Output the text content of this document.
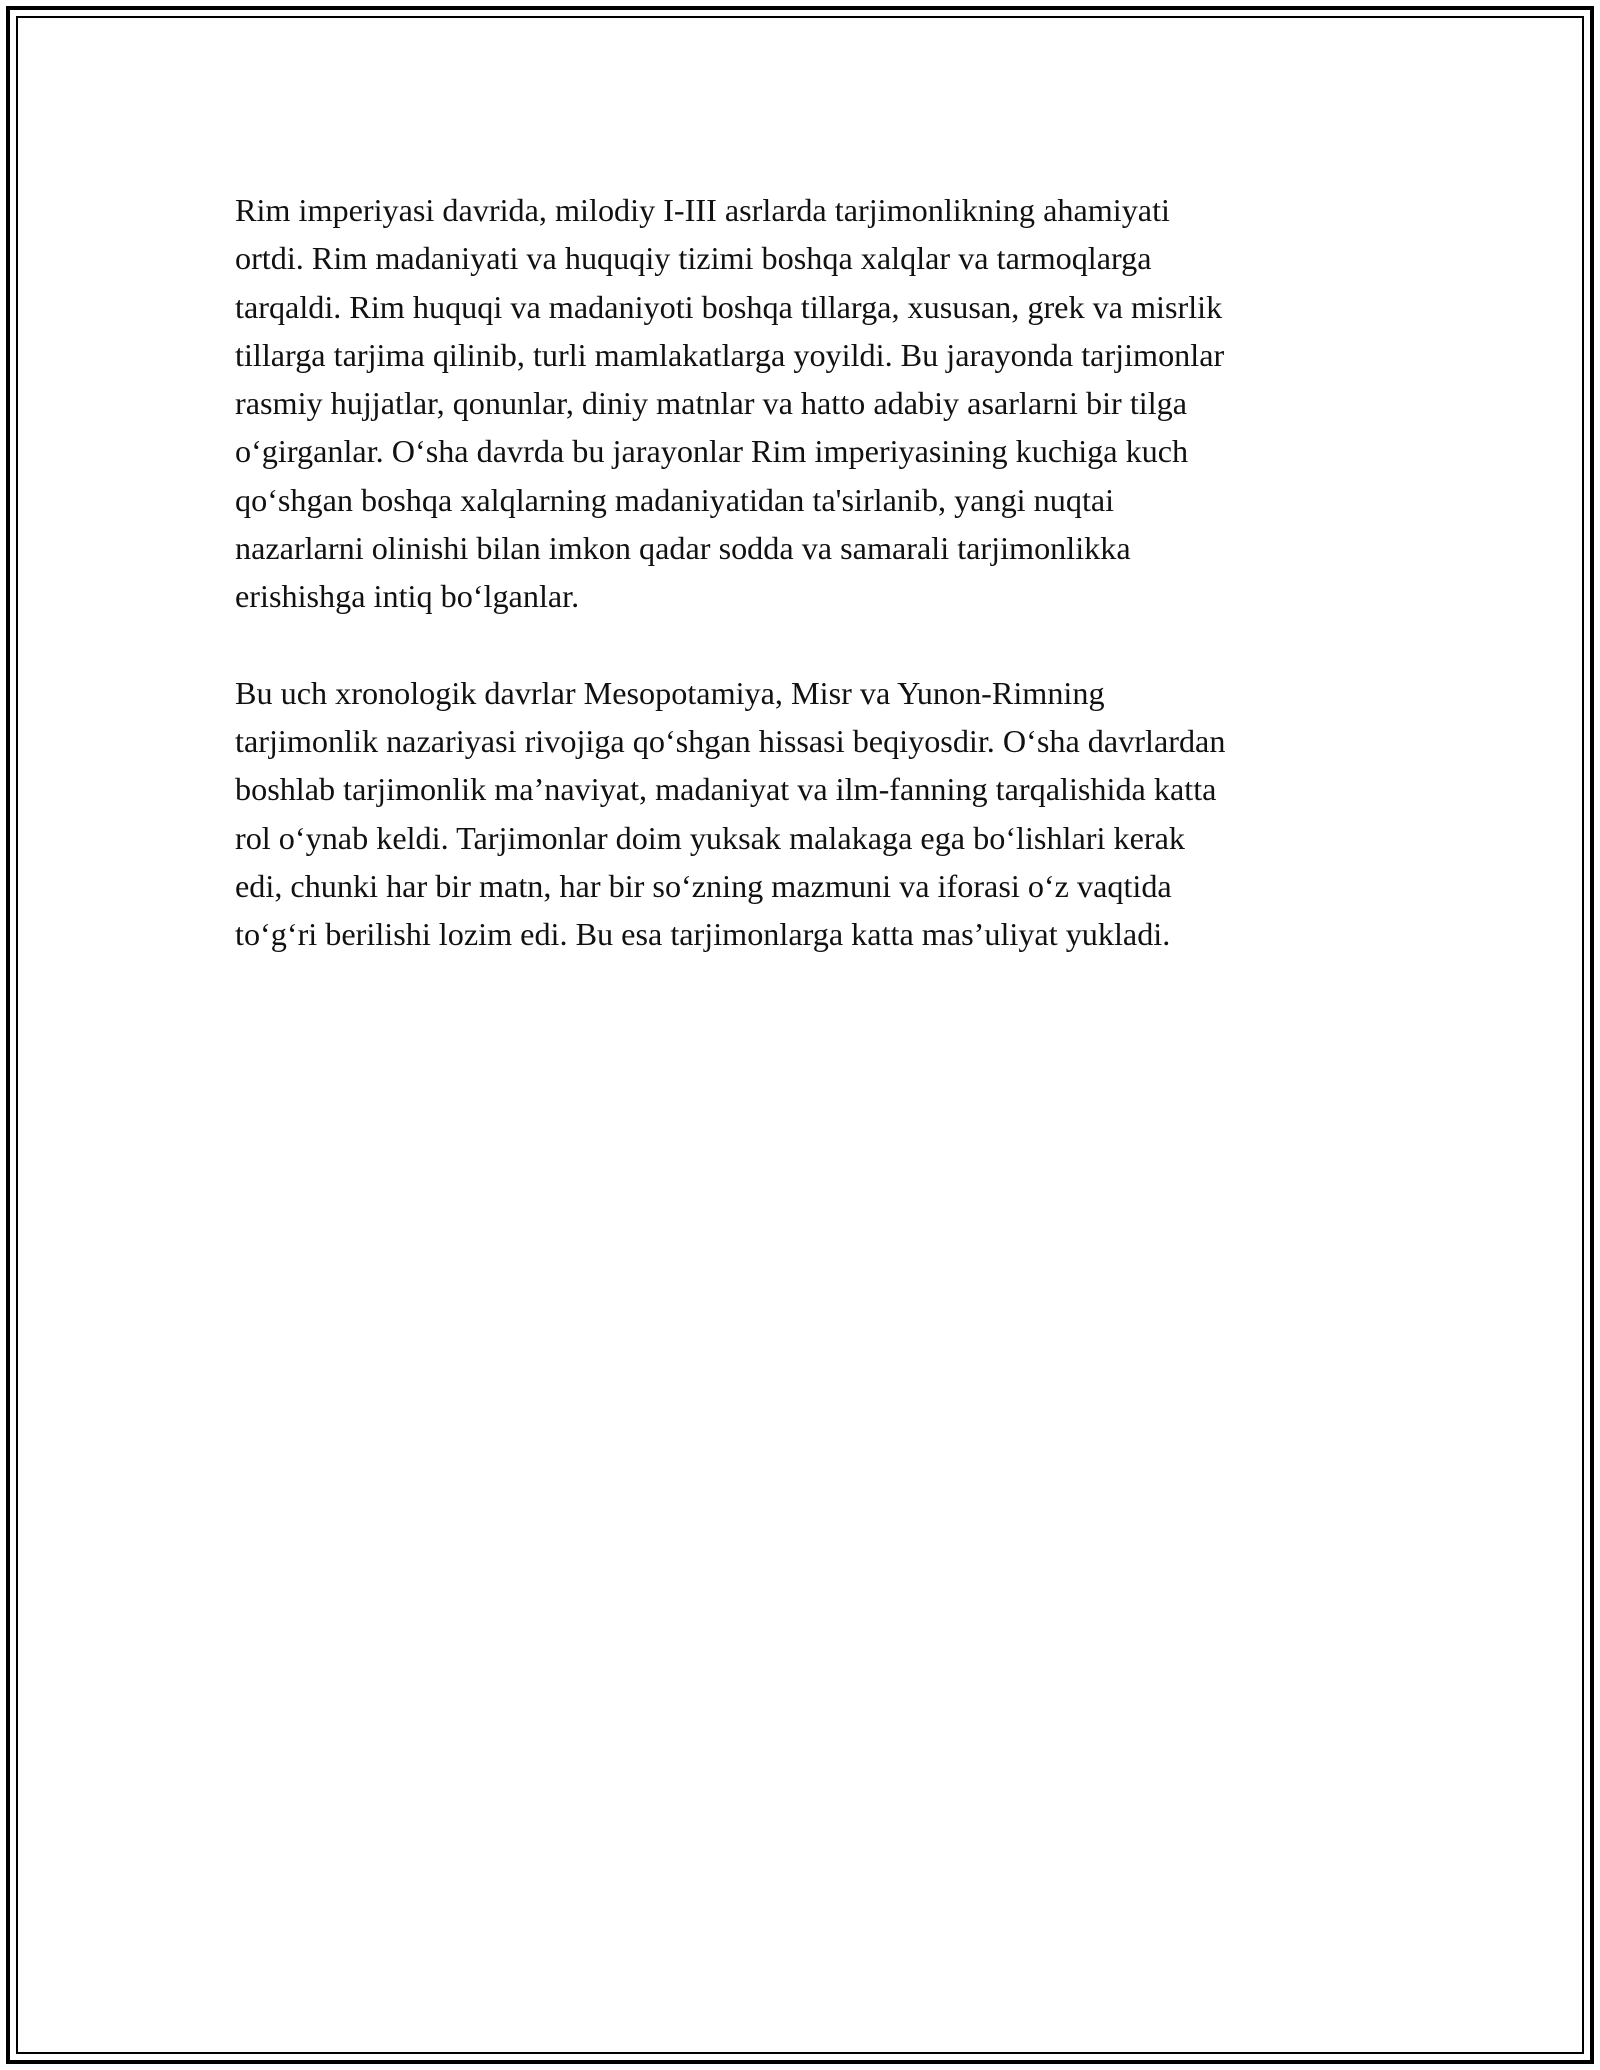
Rim imperiyasi davrida, milodiy I-III asrlarda tarjimonlikning ahamiyati
ortdi. Rim madaniyati va huquqiy tizimi boshqa xalqlar va tarmoqlarga
tarqaldi. Rim huquqi va madaniyoti boshqa tillarga, xususan, grek va misrlik
tillarga tarjima qilinib, turli mamlakatlarga yoyildi. Bu jarayonda tarjimonlar
rasmiy hujjatlar, qonunlar, diniy matnlar va hatto adabiy asarlarni bir tilga
oʻgirganlar. Oʻsha davrda bu jarayonlar Rim imperiyasining kuchiga kuch
qoʻshgan boshqa xalqlarning madaniyatidan ta'sirlanib, yangi nuqtai
nazarlarni olinishi bilan imkon qadar sodda va samarali tarjimonlikka
erishishga intiq boʻlganlar.

Bu uch xronologik davrlar Mesopotamiya, Misr va Yunon-Rimning
tarjimonlik nazariyasi rivojiga qoʻshgan hissasi beqiyosdir. Oʻsha davrlardan
boshlab tarjimonlik maʼnaviyat, madaniyat va ilm-fanning tarqalishida katta
rol oʻynab keldi. Tarjimonlar doim yuksak malakaga ega boʻlishlari kerak
edi, chunki har bir matn, har bir soʻzning mazmuni va iforasi oʻz vaqtida
toʻgʻri berilishi lozim edi. Bu esa tarjimonlarga katta masʼuliyat yukladi.
